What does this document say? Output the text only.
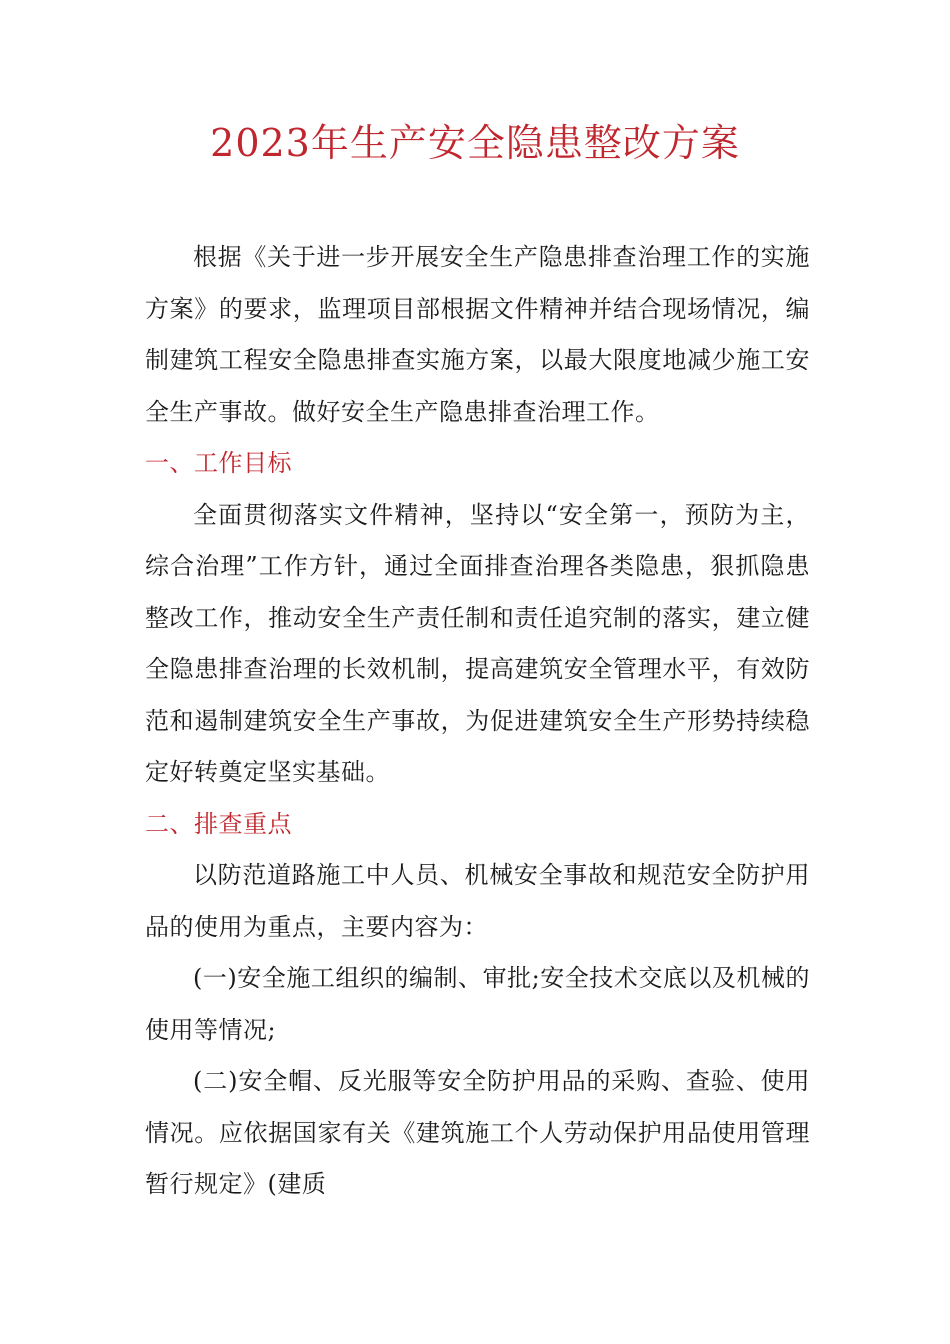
2023年生产安全隐患整改方案

根据《关于进一步开展安全生产隐患排查治理工作的实施方案》的要求，监理项目部根据文件精神并结合现场情况，编制建筑工程安全隐患排查实施方案，以最大限度地减少施工安全生产事故。做好安全生产隐患排查治理工作。

一、工作目标

全面贯彻落实文件精神，坚持以“安全第一，预防为主，综合治理”工作方针，通过全面排查治理各类隐患，狠抓隐患整改工作，推动安全生产责任制和责任追究制的落实，建立健全隐患排查治理的长效机制，提高建筑安全管理水平，有效防范和遏制建筑安全生产事故，为促进建筑安全生产形势持续稳定好转奠定坚实基础。

二、排查重点

以防范道路施工中人员、机械安全事故和规范安全防护用品的使用为重点，主要内容为：

(一)安全施工组织的编制、审批;安全技术交底以及机械的使用等情况;

(二)安全帽、反光服等安全防护用品的采购、查验、使用情况。应依据国家有关《建筑施工个人劳动保护用品使用管理暂行规定》(建质
